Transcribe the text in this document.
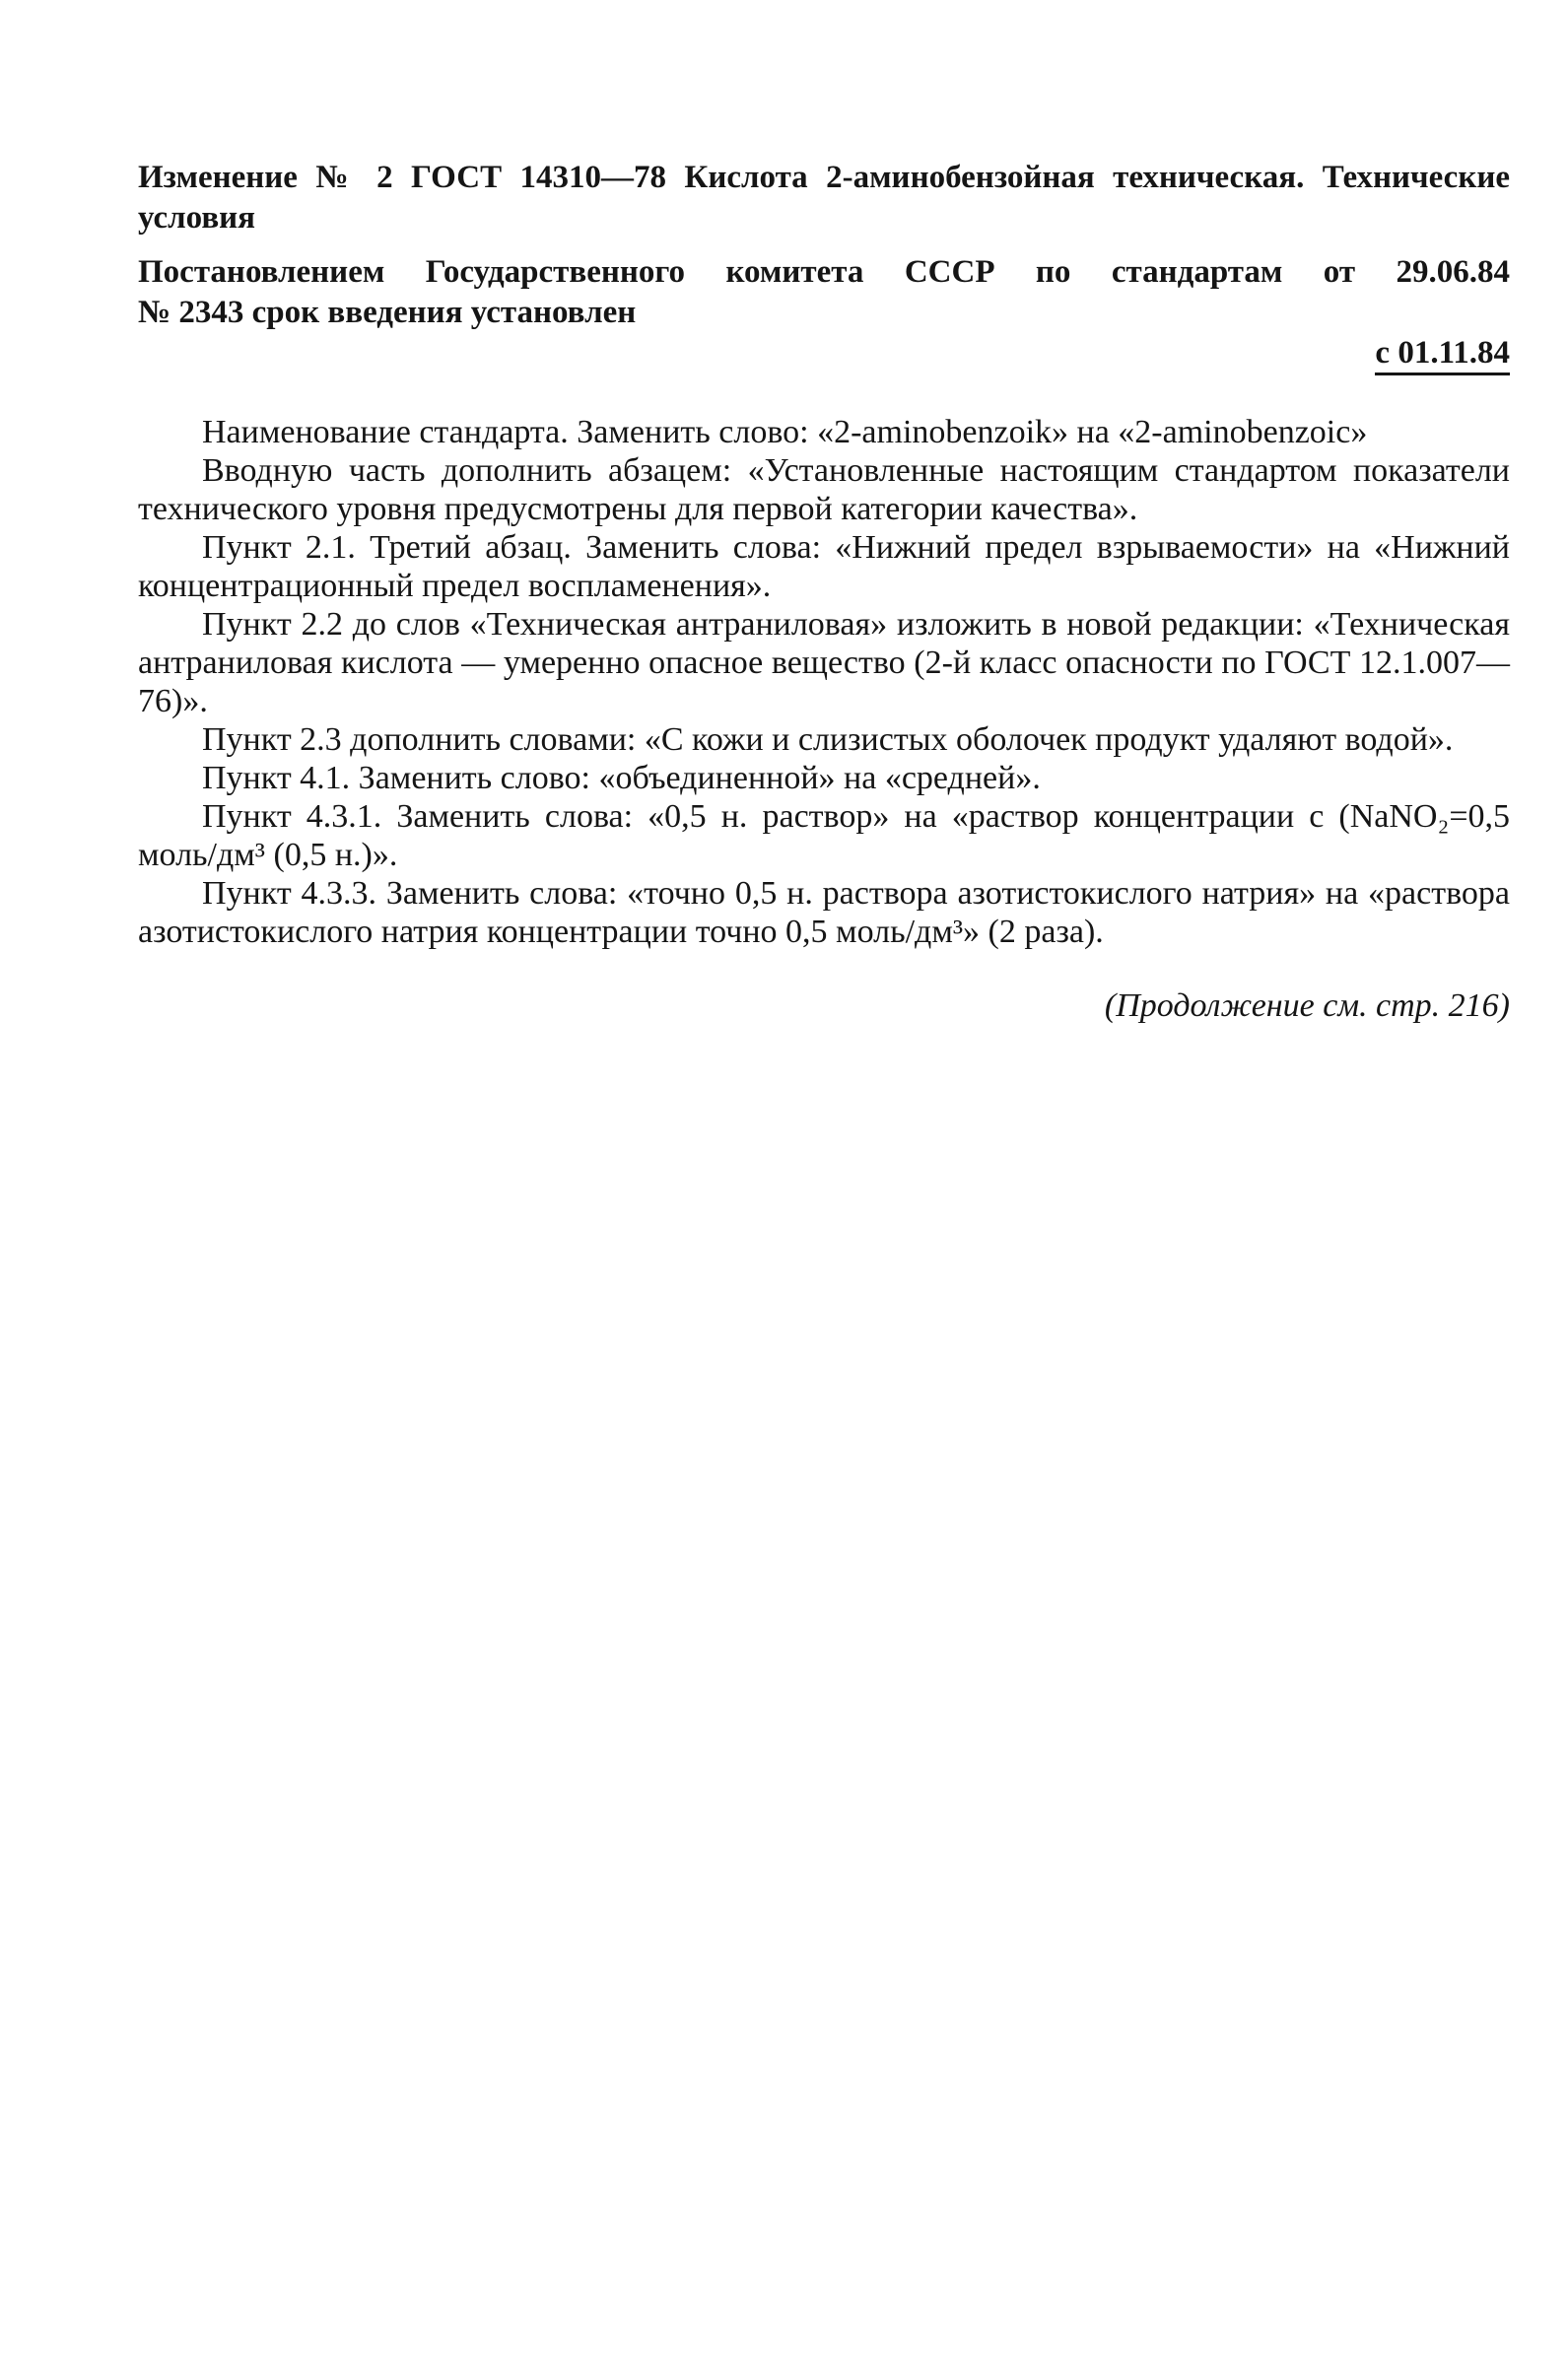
Изменение № 2 ГОСТ 14310—78 Кислота 2-аминобензойная техническая. Технические условия

Постановлением Государственного комитета СССР по стандартам от 29.06.84

№ 2343 срок введения установлен

с 01.11.84

Наименование стандарта. Заменить слово: «2-aminobenzoik» на «2-aminobenzoic»

Вводную часть дополнить абзацем: «Установленные настоящим стандартом показатели технического уровня предусмотрены для первой категории качества».

Пункт 2.1. Третий абзац. Заменить слова: «Нижний предел взрываемости» на «Нижний концентрационный предел воспламенения».

Пункт 2.2 до слов «Техническая антраниловая» изложить в новой редакции: «Техническая антраниловая кислота — умеренно опасное вещество (2-й класс опасности по ГОСТ 12.1.007—76)».

Пункт 2.3 дополнить словами: «С кожи и слизистых оболочек продукт удаляют водой».

Пункт 4.1. Заменить слово: «объединенной» на «средней».

Пункт 4.3.1. Заменить слова: «0,5 н. раствор» на «раствор концентрации с (NaNO₂=0,5 моль/дм³ (0,5 н.)».

Пункт 4.3.3. Заменить слова: «точно 0,5 н. раствора азотистокислого натрия» на «раствора азотистокислого натрия концентрации точно 0,5 моль/дм³» (2 раза).

(Продолжение см. стр. 216)
